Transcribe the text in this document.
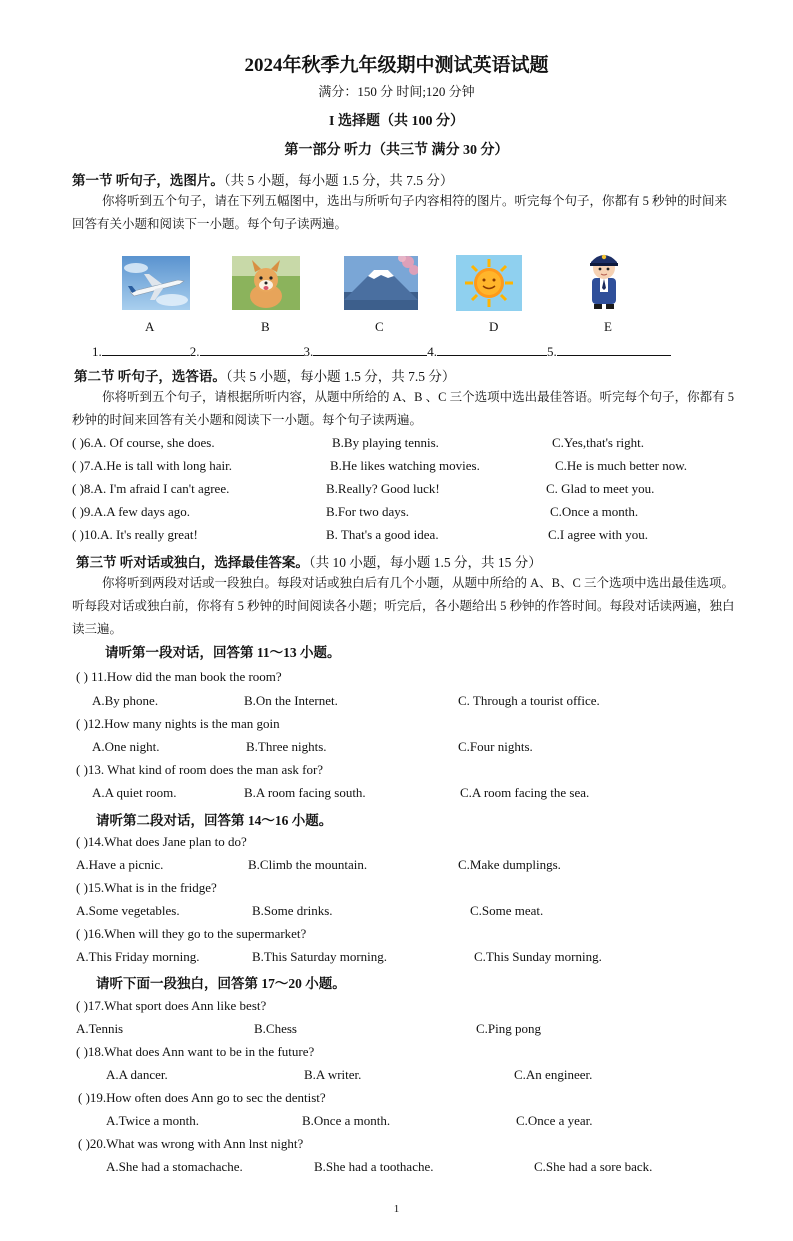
2024年秋季九年级期中测试英语试题
满分：150 分 时间;120 分钟
I 选择题（共 100 分）
第一部分 听力（共三节 满分 30 分）
第一节 听句子，选图片。（共 5 小题，每小题 1.5 分，共 7.5 分）
你将听到五个句子，请在下列五幅图中，选出与所听句子内容相符的图片。听完每个句子，你都有 5 秒钟的时间来回答有关小题和阅读下一小题。每个句子读两遍。
A	B	C	D	E
1.	2.	3.	4.	5.
第二节 听句子，选答语。（共 5 小题，每小题 1.5 分，共 7.5 分）
你将听到五个句子，请根据所听内容，从题中所给的 A、B 、C 三个选项中选出最佳答语。听完每个句子，你都有 5 秒钟的时间来回答有关小题和阅读下一小题。每个句子读两遍。
( )6.A. Of course, she does.	B.By playing tennis.	C.Yes,that's right.
( )7.A.He is tall with long hair.	B.He likes watching movies.	C.He is much better now.
( )8.A. I'm afraid I can't agree.	B.Really? Good luck!	C. Glad to meet you.
( )9.A.A few days ago.	B.For two days.	C.Once a month.
( )10.A. It's really great!	B. That's a good idea.	C.I agree with you.
第三节 听对话或独白，选择最佳答案。（共 10 小题，每小题 1.5 分，共 15 分）
你将听到两段对话或一段独白。每段对话或独白后有几个小题，从题中所给的 A、B、C 三个选项中选出最佳选项。听每段对话或独白前，你将有 5 秒钟的时间阅读各小题；听完后，各小题给出 5 秒钟的作答时间。每段对话读两遍，独白读三遍。
请听第一段对话，回答第 11～13 小题。
( ) 11.How did the man book the room?
A.By phone.	B.On the Internet.	C. Through a tourist office.
( )12.How many nights is the man goin
A.One night.	B.Three nights.	C.Four nights.
( )13. What kind of room does the man ask for?
A.A quiet room.	B.A room facing south.	C.A room facing the sea.
请听第二段对话，回答第 14～16 小题。
( )14.What does Jane plan to do?
A.Have a picnic.	B.Climb the mountain.	C.Make dumplings.
( )15.What is in the fridge?
A.Some vegetables.	B.Some drinks.	C.Some meat.
( )16.When will they go to the supermarket?
A.This Friday morning.	B.This Saturday morning.	C.This Sunday morning.
请听下面一段独白，回答第 17～20 小题。
( )17.What sport does Ann like best?
A.Tennis	B.Chess	C.Ping pong
( )18.What does Ann want to be in the future?
A.A dancer.	B.A writer.	C.An engineer.
( )19.How often does Ann go to sec the dentist?
A.Twice a month.	B.Once a month.	C.Once a year.
( )20.What was wrong with Ann lnst night?
A.She had a stomachache.	B.She had a toothache.	C.She had a sore back.
1
